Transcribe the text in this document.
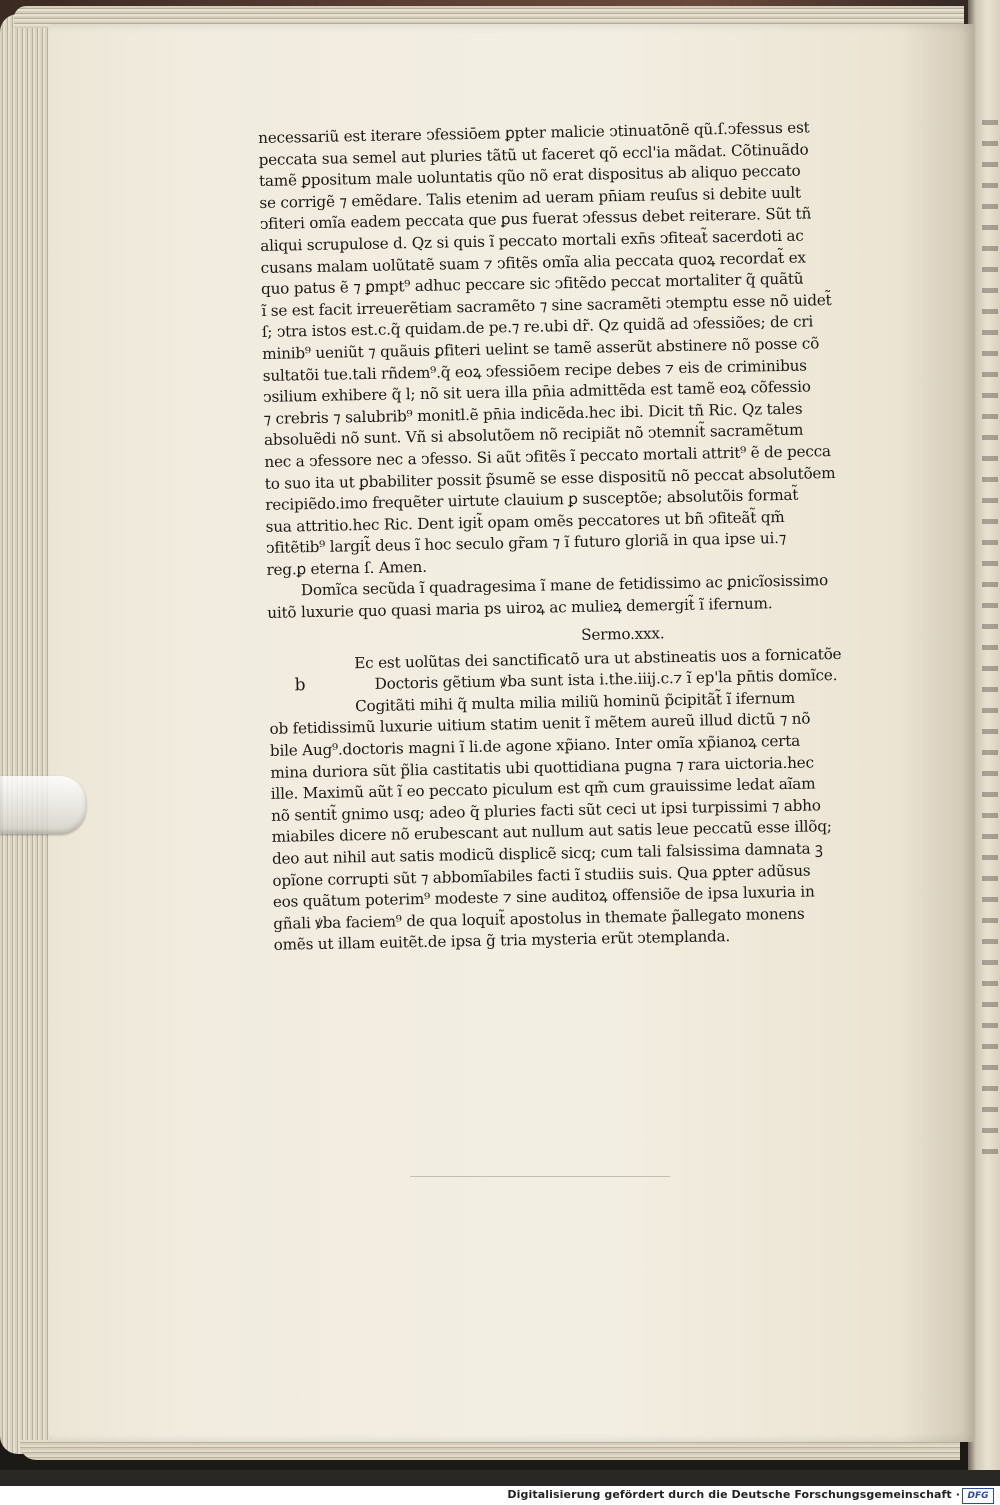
necessariũ est iterare ↄfessiōem ꝑpter malicie ↄtinuatōnẽ qũ.ſ.ↄfessus est
peccata sua semel aut pluries tãtũ ut faceret qõ eccl'ia mãdat. Cõtinuãdo
tamẽ ꝑpositum male uoluntatis qũo nõ erat dispositus ab aliquo peccato
se corrigẽ ⁊ emẽdare. Talis etenim ad ueram pn̄iam reuſus si debite uult
ↄfiteri omĩa eadem peccata que ꝑus fuerat ↄfessus debet reiterare. Sũt tñ
aliqui scrupulose d. Qz si quis ĩ peccato mortali exn̄s ↄfiteat̃ sacerdoti ac
cusans malam uolũtatẽ suam ⁊ ↄfitẽs omĩa alia peccata quoꝝ recordat̃ ex
quo patus ẽ ⁊ ꝑmpt⁹ adhuc peccare sic ↄfitẽdo peccat mortaliter q̃ quãtũ
ĩ se est facit irreuerẽtiam sacramẽto ⁊ sine sacramẽti ↄtemptu esse nõ uidet̃
ſ; ↄtra istos est.c.q̃ quidam.de pe.⁊ re.ubi dr̃. Qz quidã ad ↄfessiões; de cri
minib⁹ ueniũt ⁊ quãuis ꝑfiteri uelint se tamẽ asserũt abstinere nõ posse cõ
sultatõi tue.tali rñdem⁹.q̃ eoꝝ ↄfessiōem recipe debes ⁊ eis de criminibus
ↄsilium exhibere q̃ l; nõ sit uera illa pn̄ia admittẽda est tamẽ eoꝝ cõfessio
⁊ crebris ⁊ salubrib⁹ monitl.ẽ pn̄ia indicẽda.hec ibi. Dicit tñ Ric. Qz tales
absoluẽdi nõ sunt. Vñ si absolutõem nõ recipiãt nõ ↄtemnit̃ sacramẽtum
nec a ↄfessore nec a ↄfesso. Si aũt ↄfitẽs ĩ peccato mortali attrit⁹ ẽ de pecca
to suo ita ut ꝑbabiliter possit p̃sumẽ se esse dispositũ nõ peccat absolutõem
recipiẽdo.imo frequẽter uirtute clauium ꝑ susceptõe; absolutõis format̃
sua attritio.hec Ric. Dent igit̃ opam omẽs peccatores ut bñ ↄfiteãt̃ qm̃
ↄfitẽtib⁹ largit̃ deus ĩ hoc seculo gr̃am ⁊ ĩ futuro gloriã in qua ipse ui.⁊
reg.ꝑ eterna ſ. Amen.
Domĩca secũda ĩ quadragesima ĩ mane de fetidissimo ac ꝑnicĩosissimo
uitõ luxurie quo quasi maria ps uiroꝝ ac mulieꝝ demergit̃ ĩ ifernum.
Sermo.xxx.
Ec est uolũtas dei sanctificatõ ura ut abstineatis uos a fornicatõe
b	Doctoris gẽtium ꝟba sunt ista i.the.iiij.c.⁊ ĩ ep'la pn̄tis domĩce.
Cogitãti mihi q̃ multa milia miliũ hominũ p̃cipitãt̃ ĩ ifernum
ob fetidissimũ luxurie uitium statim uenit ĩ mẽtem aureũ illud dictũ ⁊ nõ
bile Aug⁹.doctoris magni ĩ li.de agone xp̃iano. Inter omĩa xp̃ianoꝝ certa
mina duriora sũt p̃lia castitatis ubi quottidiana pugna ⁊ rara uictoria.hec
ille. Maximũ aũt ĩ eo peccato piculum est qm̃ cum grauissime ledat aĩam
nõ sentit̃ gnimo usq; adeo q̃ pluries facti sũt ceci ut ipsi turpissimi ⁊ abho
miabiles dicere nõ erubescant aut nullum aut satis leue peccatũ esse illõq;
deo aut nihil aut satis modicũ displicẽ sicq; cum tali falsissima damnata ꝫ
opĩone corrupti sũt ⁊ abbomĩabiles facti ĩ studiis suis. Qua ꝑpter adũsus
eos quãtum poterim⁹ modeste ⁊ sine auditoꝝ offensiõe de ipsa luxuria in
gñali ꝟba faciem⁹ de qua loquit̃ apostolus in themate p̃allegato monens
omẽs ut illam euitẽt.de ipsa g̃ tria mysteria erũt ↄtemplanda.
Digitalisierung gefördert durch die Deutsche Forschungsgemeinschaft · DFG
